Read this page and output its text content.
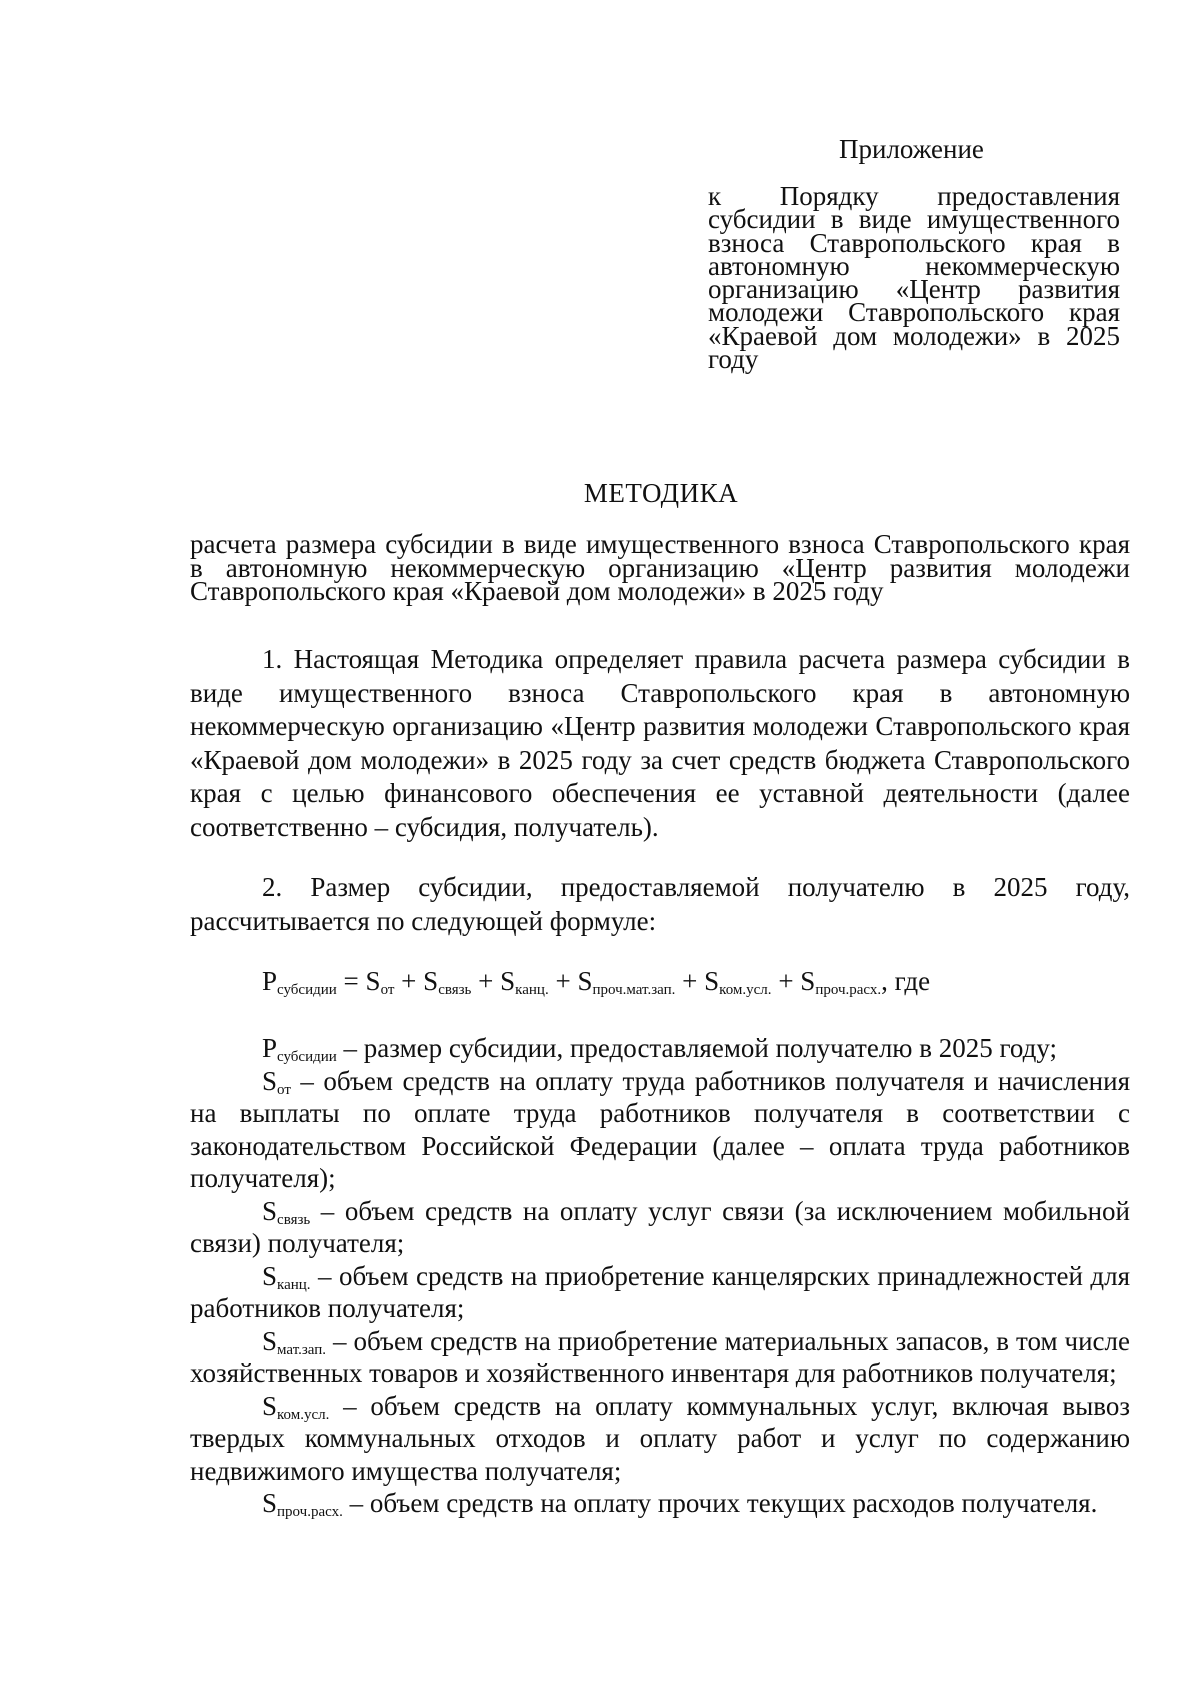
Приложение

к Порядку предоставления субсидии в виде имущественного взноса Ставропольского края в автономную некоммерческую организацию «Центр развития молодежи Ставропольского края «Краевой дом молодежи» в 2025 году

МЕТОДИКА

расчета размера субсидии в виде имущественного взноса Ставропольского края в автономную некоммерческую организацию «Центр развития молодежи Ставропольского края «Краевой дом молодежи» в 2025 году

1. Настоящая Методика определяет правила расчета размера субсидии в виде имущественного взноса Ставропольского края в автономную некоммерческую организацию «Центр развития молодежи Ставропольского края «Краевой дом молодежи» в 2025 году за счет средств бюджета Ставропольского края с целью финансового обеспечения ее уставной деятельности (далее соответственно – субсидия, получатель).

2. Размер субсидии, предоставляемой получателю в 2025 году, рассчитывается по следующей формуле:

$P_{субсидии} = S_{от} + S_{связь} + S_{канц.} + S_{проч.мат.зап.} + S_{ком.усл.} + S_{проч.расх.}$, где

$P_{субсидии}$ – размер субсидии, предоставляемой получателю в 2025 году;

$S_{от}$ – объем средств на оплату труда работников получателя и начисления на выплаты по оплате труда работников получателя в соответствии с законодательством Российской Федерации (далее – оплата труда работников получателя);

$S_{связь}$ – объем средств на оплату услуг связи (за исключением мобильной связи) получателя;

$S_{канц.}$ – объем средств на приобретение канцелярских принадлежностей для работников получателя;

$S_{мат.зап.}$ – объем средств на приобретение материальных запасов, в том числе хозяйственных товаров и хозяйственного инвентаря для работников получателя;

$S_{ком.усл.}$ – объем средств на оплату коммунальных услуг, включая вывоз твердых коммунальных отходов и оплату работ и услуг по содержанию недвижимого имущества получателя;

$S_{проч.расх.}$ – объем средств на оплату прочих текущих расходов получателя.
